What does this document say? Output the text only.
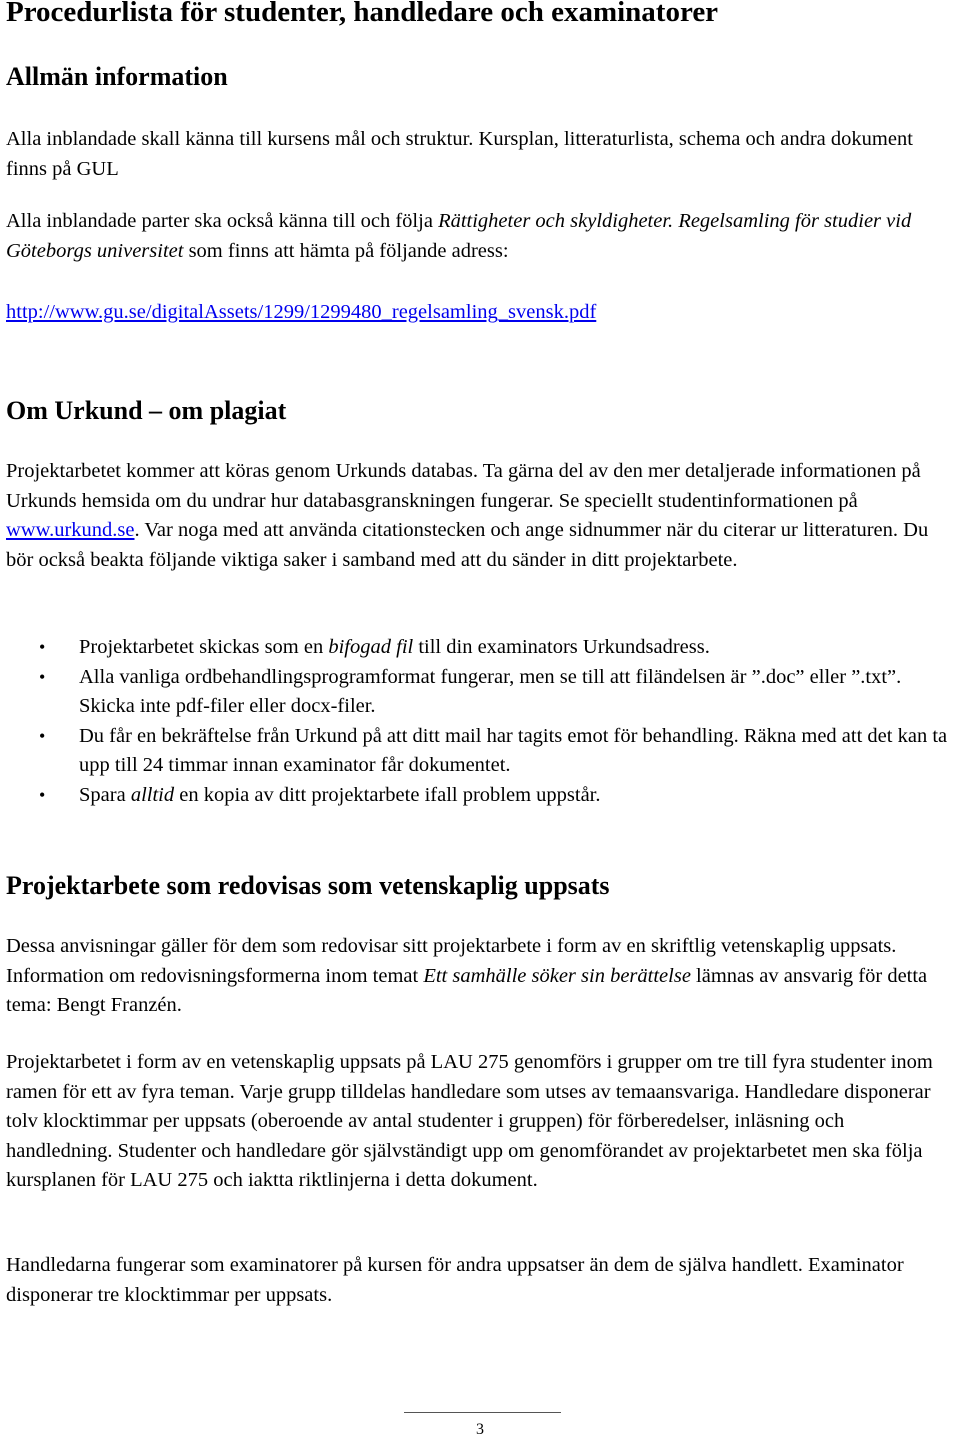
Procedurlista för studenter, handledare och examinatorer
Allmän information

Alla inblandade skall känna till kursens mål och struktur. Kursplan, litteraturlista, schema och andra dokument finns på GUL

Alla inblandade parter ska också känna till och följa Rättigheter och skyldigheter. Regelsamling för studier vid Göteborgs universitet som finns att hämta på följande adress:

http://www.gu.se/digitalAssets/1299/1299480_regelsamling_svensk.pdf

Om Urkund – om plagiat

Projektarbetet kommer att köras genom Urkunds databas. Ta gärna del av den mer detaljerade informationen på Urkunds hemsida om du undrar hur databasgranskningen fungerar. Se speciellt studentinformationen på www.urkund.se. Var noga med att använda citationstecken och ange sidnummer när du citerar ur litteraturen. Du bör också beakta följande viktiga saker i samband med att du sänder in ditt projektarbete.

• Projektarbetet skickas som en bifogad fil till din examinators Urkundsadress.
• Alla vanliga ordbehandlingsprogramformat fungerar, men se till att filändelsen är ”.doc” eller ”.txt”. Skicka inte pdf-filer eller docx-filer.
• Du får en bekräftelse från Urkund på att ditt mail har tagits emot för behandling. Räkna med att det kan ta upp till 24 timmar innan examinator får dokumentet.
• Spara alltid en kopia av ditt projektarbete ifall problem uppstår.
Projektarbete som redovisas som vetenskaplig uppsats

Dessa anvisningar gäller för dem som redovisar sitt projektarbete i form av en skriftlig vetenskaplig uppsats. Information om redovisningsformerna inom temat Ett samhälle söker sin berättelse lämnas av ansvarig för detta tema: Bengt Franzén.

Projektarbetet i form av en vetenskaplig uppsats på LAU 275 genomförs i grupper om tre till fyra studenter inom ramen för ett av fyra teman. Varje grupp tilldelas handledare som utses av temaansvariga. Handledare disponerar tolv klocktimmar per uppsats (oberoende av antal studenter i gruppen) för förberedelser, inläsning och handledning. Studenter och handledare gör självständigt upp om genomförandet av projektarbetet men ska följa kursplanen för LAU 275 och iaktta riktlinjerna i detta dokument.

Handledarna fungerar som examinatorer på kursen för andra uppsatser än dem de själva handlett. Examinator disponerar tre klocktimmar per uppsats.

3
